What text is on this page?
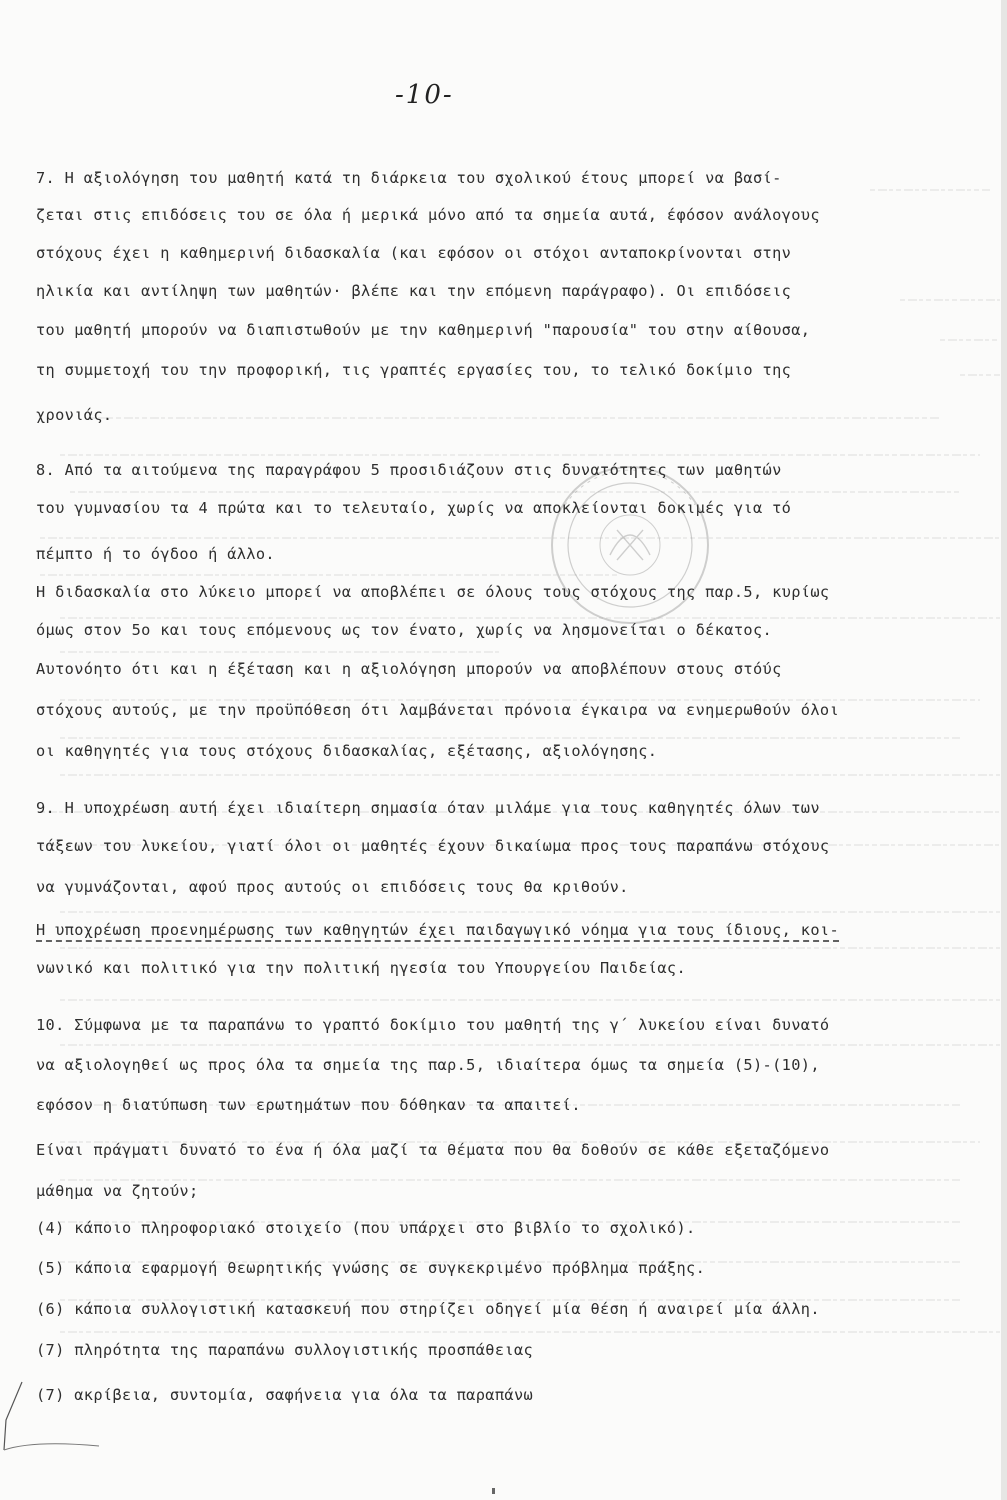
-10-
7. Η αξιολόγηση του μαθητή κατά τη διάρκεια του σχολικού έτους μπορεί να βασί-
ζεται στις επιδόσεις του σε όλα ή μερικά μόνο από τα σημεία αυτά, έφόσον ανάλογους
στόχους έχει η καθημερινή διδασκαλία (και εφόσον οι στόχοι ανταποκρίνονται στην
ηλικία και αντίληψη των μαθητών· βλέπε και την επόμενη παράγραφο). Οι επιδόσεις
του μαθητή μπορούν να διαπιστωθούν με την καθημερινή "παρουσία" του στην αίθουσα,
τη συμμετοχή του την προφορική, τις γραπτές εργασίες του, το τελικό δοκίμιο της
χρονιάς.
8. Από τα αιτούμενα της παραγράφου 5 προσιδιάζουν στις δυνατότητες των μαθητών
του γυμνασίου τα 4 πρώτα και το τελευταίο, χωρίς να αποκλείονται δοκιμές για τό
πέμπτο ή το όγδοο ή άλλο.
Η διδασκαλία στο λύκειο μπορεί να αποβλέπει σε όλους τους στόχους της παρ.5, κυρίως
όμως στον 5ο και τους επόμενους ως τον ένατο, χωρίς να λησμονείται ο δέκατος.
Αυτονόητο ότι και η έξέταση και η αξιολόγηση μπορούν να αποβλέπουν στους στόύς
στόχους αυτούς, με την προϋπόθεση ότι λαμβάνεται πρόνοια έγκαιρα να ενημερωθούν όλοι
οι καθηγητές για τους στόχους διδασκαλίας, εξέτασης, αξιολόγησης.
9. Η υποχρέωση αυτή έχει ιδιαίτερη σημασία όταν μιλάμε για τους καθηγητές όλων των
τάξεων του λυκείου, γιατί όλοι οι μαθητές έχουν δικαίωμα προς τους παραπάνω στόχους
να γυμνάζονται, αφού προς αυτούς οι επιδόσεις τους θα κριθούν.
Η υποχρέωση προενημέρωσης των καθηγητών έχει παιδαγωγικό νόημα για τους ίδιους, κοι-
νωνικό και πολιτικό για την πολιτική ηγεσία του Υπουργείου Παιδείας.
10. Σύμφωνα με τα παραπάνω το γραπτό δοκίμιο του μαθητή της γ΄ λυκείου είναι δυνατό
να αξιολογηθεί ως προς όλα τα σημεία της παρ.5, ιδιαίτερα όμως τα σημεία (5)-(10),
εφόσον η διατύπωση των ερωτημάτων που δόθηκαν τα απαιτεί.
Είναι πράγματι δυνατό το ένα ή όλα μαζί τα θέματα που θα δοθούν σε κάθε εξεταζόμενο
μάθημα να ζητούν;
(4) κάποιο πληροφοριακό στοιχείο (που υπάρχει στο βιβλίο το σχολικό).
(5) κάποια εφαρμογή θεωρητικής γνώσης σε συγκεκριμένο πρόβλημα πράξης.
(6) κάποια συλλογιστική κατασκευή που στηρίζει οδηγεί μία θέση ή αναιρεί μία άλλη.
(7) πληρότητα της παραπάνω συλλογιστικής προσπάθειας
(7) ακρίβεια, συντομία, σαφήνεια για όλα τα παραπάνω
